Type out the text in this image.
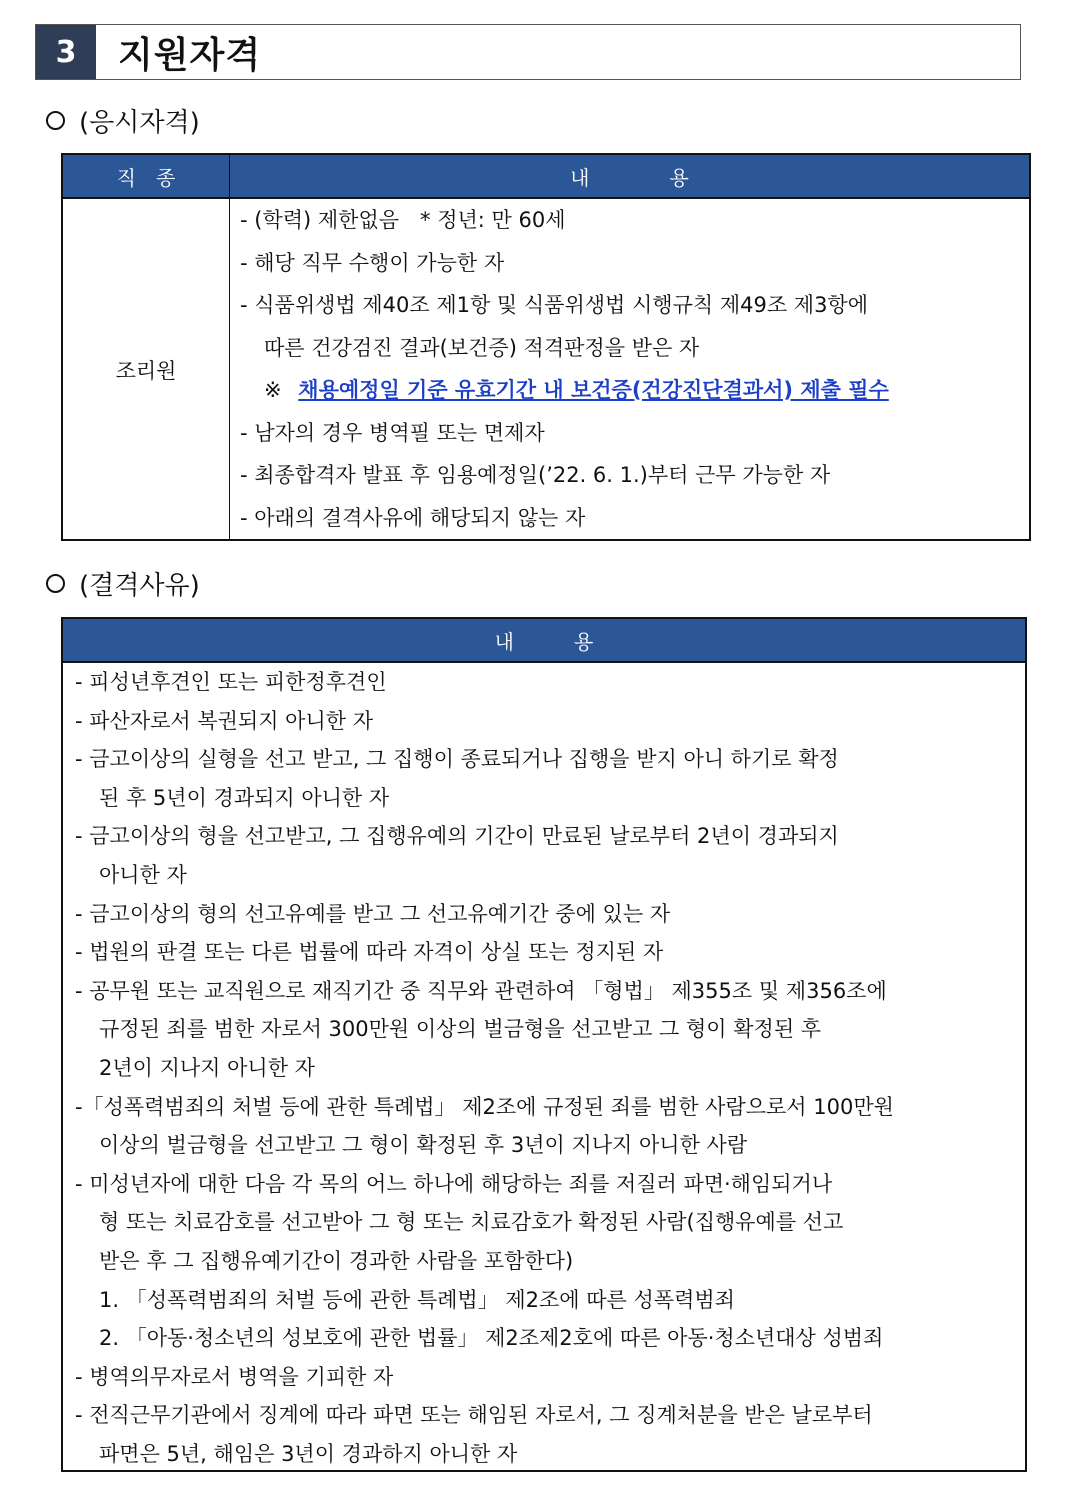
3	지원자격
(응시자격)
직　종	내　　　　용
조리원
- (학력) 제한없음　* 정년: 만 60세
- 해당 직무 수행이 가능한 자
- 식품위생법 제40조 제1항 및 식품위생법 시행규칙 제49조 제3항에
따른 건강검진 결과(보건증) 적격판정을 받은 자
※ 채용예정일 기준 유효기간 내 보건증(건강진단결과서) 제출 필수
- 남자의 경우 병역필 또는 면제자
- 최종합격자 발표 후 임용예정일(’22. 6. 1.)부터 근무 가능한 자
- 아래의 결격사유에 해당되지 않는 자
(결격사유)
내　　　용
- 피성년후견인 또는 피한정후견인
- 파산자로서 복권되지 아니한 자
- 금고이상의 실형을 선고 받고, 그 집행이 종료되거나 집행을 받지 아니 하기로 확정
된 후 5년이 경과되지 아니한 자
- 금고이상의 형을 선고받고, 그 집행유예의 기간이 만료된 날로부터 2년이 경과되지
아니한 자
- 금고이상의 형의 선고유예를 받고 그 선고유예기간 중에 있는 자
- 법원의 판결 또는 다른 법률에 따라 자격이 상실 또는 정지된 자
- 공무원 또는 교직원으로 재직기간 중 직무와 관련하여 「형법」 제355조 및 제356조에
규정된 죄를 범한 자로서 300만원 이상의 벌금형을 선고받고 그 형이 확정된 후
2년이 지나지 아니한 자
-「성폭력범죄의 처벌 등에 관한 특례법」 제2조에 규정된 죄를 범한 사람으로서 100만원
이상의 벌금형을 선고받고 그 형이 확정된 후 3년이 지나지 아니한 사람
- 미성년자에 대한 다음 각 목의 어느 하나에 해당하는 죄를 저질러 파면·해임되거나
형 또는 치료감호를 선고받아 그 형 또는 치료감호가 확정된 사람(집행유예를 선고
받은 후 그 집행유예기간이 경과한 사람을 포함한다)
1. 「성폭력범죄의 처벌 등에 관한 특례법」 제2조에 따른 성폭력범죄
2. 「아동·청소년의 성보호에 관한 법률」 제2조제2호에 따른 아동·청소년대상 성범죄
- 병역의무자로서 병역을 기피한 자
- 전직근무기관에서 징계에 따라 파면 또는 해임된 자로서, 그 징계처분을 받은 날로부터
파면은 5년, 해임은 3년이 경과하지 아니한 자
